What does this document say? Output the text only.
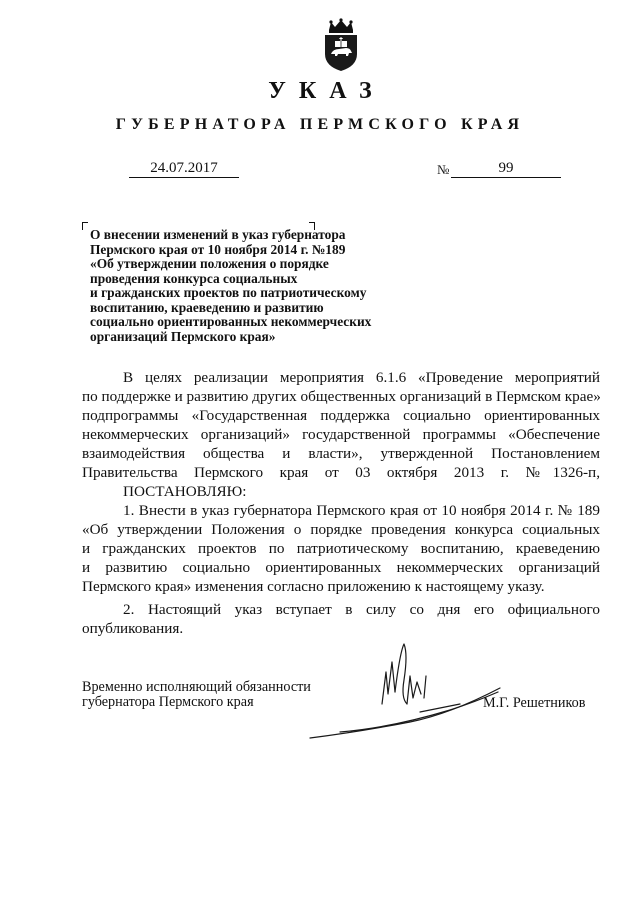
УКАЗ
ГУБЕРНАТОРА ПЕРМСКОГО КРАЯ
24.07.2017	№	99
О внесении изменений в указ губернатора
Пермского края от 10 ноября 2014 г. №189
«Об утверждении положения о порядке
проведения конкурса социальных
и гражданских проектов по патриотическому
воспитанию, краеведению и развитию
социально ориентированных некоммерческих
организаций Пермского края»
В целях реализации мероприятия 6.1.6 «Проведение мероприятий
по поддержке и развитию других общественных организаций в Пермском крае»
подпрограммы «Государственная поддержка социально ориентированных
некоммерческих организаций» государственной программы «Обеспечение
взаимодействия общества и власти», утвержденной Постановлением
Правительства Пермского края от 03 октября 2013 г. №1326-п,
ПОСТАНОВЛЯЮ:
1. Внести в указ губернатора Пермского края от 10 ноября 2014 г. № 189
«Об утверждении Положения о порядке проведения конкурса социальных
и гражданских проектов по патриотическому воспитанию, краеведению
и развитию социально ориентированных некоммерческих организаций
Пермского края» изменения согласно приложению к настоящему указу.
2. Настоящий указ вступает в силу со дня его официального
опубликования.
Временно исполняющий обязанности
губернатора Пермского края	М.Г. Решетников
